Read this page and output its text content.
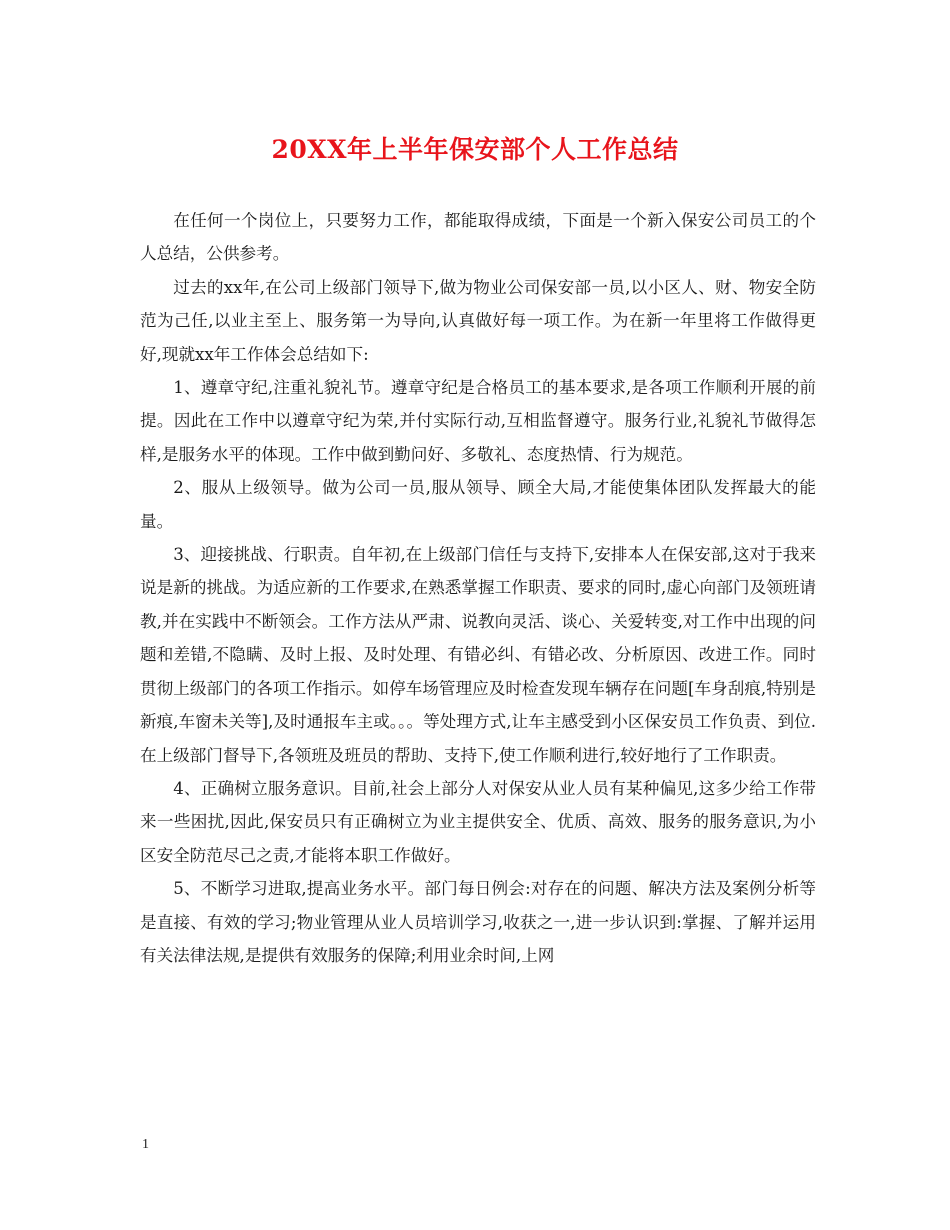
20XX年上半年保安部个人工作总结

在任何一个岗位上，只要努力工作，都能取得成绩，下面是一个新入保安公司员工的个人总结，公供参考。

过去的xx年,在公司上级部门领导下,做为物业公司保安部一员,以小区人、财、物安全防范为己任,以业主至上、服务第一为导向,认真做好每一项工作。为在新一年里将工作做得更好,现就xx年工作体会总结如下:

1、遵章守纪,注重礼貌礼节。遵章守纪是合格员工的基本要求,是各项工作顺利开展的前提。因此在工作中以遵章守纪为荣,并付实际行动,互相监督遵守。服务行业,礼貌礼节做得怎样,是服务水平的体现。工作中做到勤问好、多敬礼、态度热情、行为规范。

2、服从上级领导。做为公司一员,服从领导、顾全大局,才能使集体团队发挥最大的能量。

3、迎接挑战、行职责。自年初,在上级部门信任与支持下,安排本人在保安部,这对于我来说是新的挑战。为适应新的工作要求,在熟悉掌握工作职责、要求的同时,虚心向部门及领班请教,并在实践中不断领会。工作方法从严肃、说教向灵活、谈心、关爱转变,对工作中出现的问题和差错,不隐瞒、及时上报、及时处理、有错必纠、有错必改、分析原因、改进工作。同时贯彻上级部门的各项工作指示。如停车场管理应及时检查发现车辆存在问题[车身刮痕,特别是新痕,车窗未关等],及时通报车主或。。。等处理方式,让车主感受到小区保安员工作负责、到位.在上级部门督导下,各领班及班员的帮助、支持下,使工作顺利进行,较好地行了工作职责。

4、正确树立服务意识。目前,社会上部分人对保安从业人员有某种偏见,这多少给工作带来一些困扰,因此,保安员只有正确树立为业主提供安全、优质、高效、服务的服务意识,为小区安全防范尽己之责,才能将本职工作做好。

5、不断学习进取,提高业务水平。部门每日例会:对存在的问题、解决方法及案例分析等是直接、有效的学习;物业管理从业人员培训学习,收获之一,进一步认识到:掌握、了解并运用有关法律法规,是提供有效服务的保障;利用业余时间,上网

1
